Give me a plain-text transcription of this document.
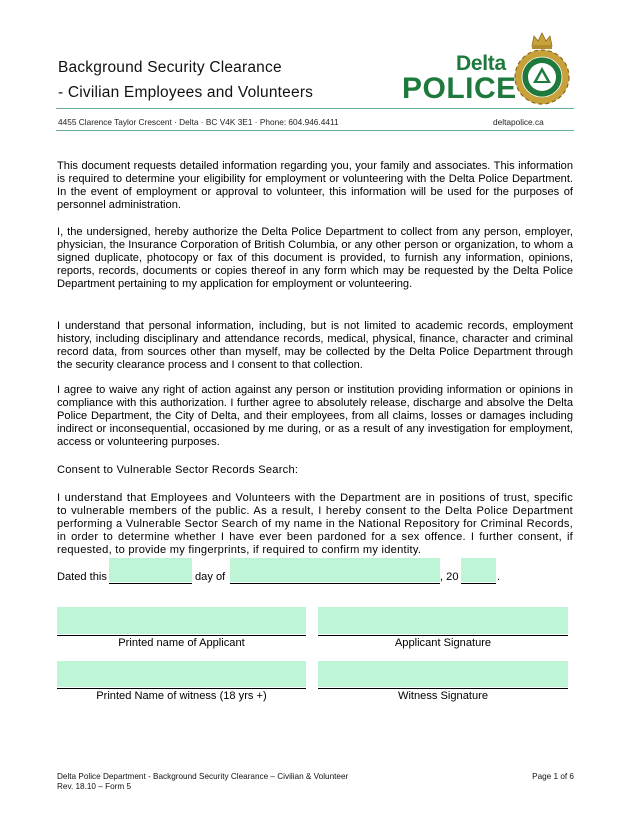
Background Security Clearance
- Civilian Employees and Volunteers
Delta
POLICE
4455 Clarence Taylor Crescent · Delta · BC V4K 3E1 · Phone: 604.946.4411	deltapolice.ca

This document requests detailed information regarding you, your family and associates. This information is required to determine your eligibility for employment or volunteering with the Delta Police Department. In the event of employment or approval to volunteer, this information will be used for the purposes of personnel administration.

I, the undersigned, hereby authorize the Delta Police Department to collect from any person, employer, physician, the Insurance Corporation of British Columbia, or any other person or organization, to whom a signed duplicate, photocopy or fax of this document is provided, to furnish any information, opinions, reports, records, documents or copies thereof in any form which may be requested by the Delta Police Department pertaining to my application for employment or volunteering.

I understand that personal information, including, but is not limited to academic records, employment history, including disciplinary and attendance records, medical, physical, finance, character and criminal record data, from sources other than myself, may be collected by the Delta Police Department through the security clearance process and I consent to that collection.

I agree to waive any right of action against any person or institution providing information or opinions in compliance with this authorization. I further agree to absolutely release, discharge and absolve the Delta Police Department, the City of Delta, and their employees, from all claims, losses or damages including indirect or inconsequential, occasioned by me during, or as a result of any investigation for employment, access or volunteering purposes.

Consent to Vulnerable Sector Records Search:

I understand that Employees and Volunteers with the Department are in positions of trust, specific to vulnerable members of the public. As a result, I hereby consent to the Delta Police Department performing a Vulnerable Sector Search of my name in the National Repository for Criminal Records, in order to determine whether I have ever been pardoned for a sex offence. I further consent, if requested, to provide my fingerprints, if required to confirm my identity.

Dated this	day of	, 20	.
Printed name of Applicant	Applicant Signature
Printed Name of witness (18 yrs +)	Witness Signature
Delta Police Department - Background Security Clearance – Civilian & Volunteer
Rev. 18.10 – Form 5
Page 1 of 6
